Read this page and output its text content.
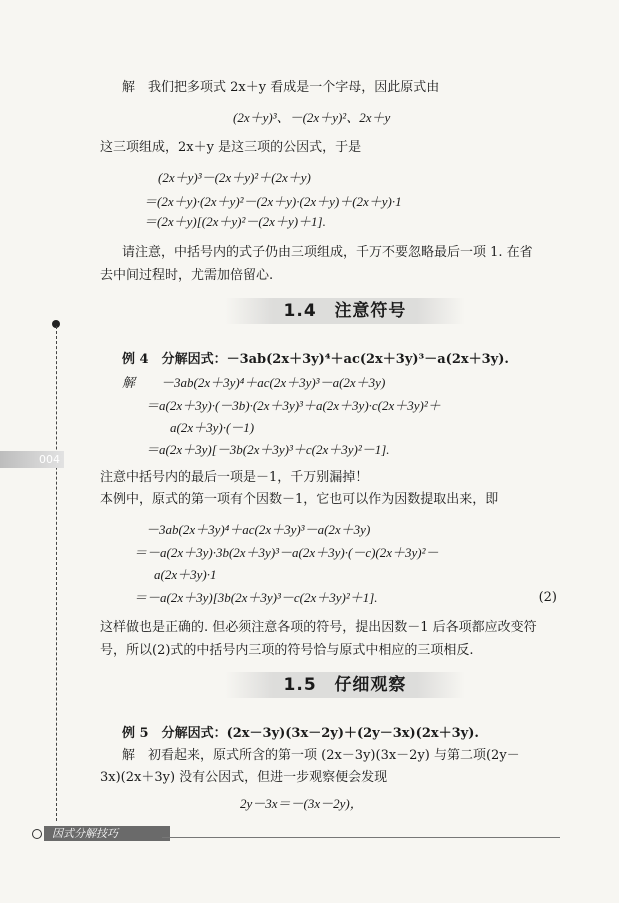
004
解　我们把多项式 2x＋y 看成是一个字母，因此原式由
(2x＋y)³、－(2x＋y)²、2x＋y
这三项组成，2x＋y 是这三项的公因式，于是
(2x＋y)³－(2x＋y)²＋(2x＋y)
＝(2x＋y)·(2x＋y)²－(2x＋y)·(2x＋y)＋(2x＋y)·1
＝(2x＋y)[(2x＋y)²－(2x＋y)＋1].
请注意，中括号内的式子仍由三项组成，千万不要忽略最后一项 1. 在省
去中间过程时，尤需加倍留心.
1.4 注意符号
例 4　分解因式：－3ab(2x＋3y)⁴＋ac(2x＋3y)³－a(2x＋3y).
解　　－3ab(2x＋3y)⁴＋ac(2x＋3y)³－a(2x＋3y)
＝a(2x＋3y)·(－3b)·(2x＋3y)³＋a(2x＋3y)·c(2x＋3y)²＋
a(2x＋3y)·(－1)
＝a(2x＋3y)[－3b(2x＋3y)³＋c(2x＋3y)²－1].
注意中括号内的最后一项是－1，千万别漏掉！
本例中，原式的第一项有个因数－1，它也可以作为因数提取出来，即
－3ab(2x＋3y)⁴＋ac(2x＋3y)³－a(2x＋3y)
＝－a(2x＋3y)·3b(2x＋3y)³－a(2x＋3y)·(－c)(2x＋3y)²－
a(2x＋3y)·1
＝－a(2x＋3y)[3b(2x＋3y)³－c(2x＋3y)²＋1].	(2)
这样做也是正确的. 但必须注意各项的符号，提出因数－1 后各项都应改变符
号，所以(2)式的中括号内三项的符号恰与原式中相应的三项相反.
1.5 仔细观察
例 5　分解因式：(2x－3y)(3x－2y)＋(2y－3x)(2x＋3y).
解　初看起来，原式所含的第一项 (2x－3y)(3x－2y) 与第二项(2y－
3x)(2x＋3y) 没有公因式，但进一步观察便会发现
2y－3x＝－(3x－2y)，
因式分解技巧
